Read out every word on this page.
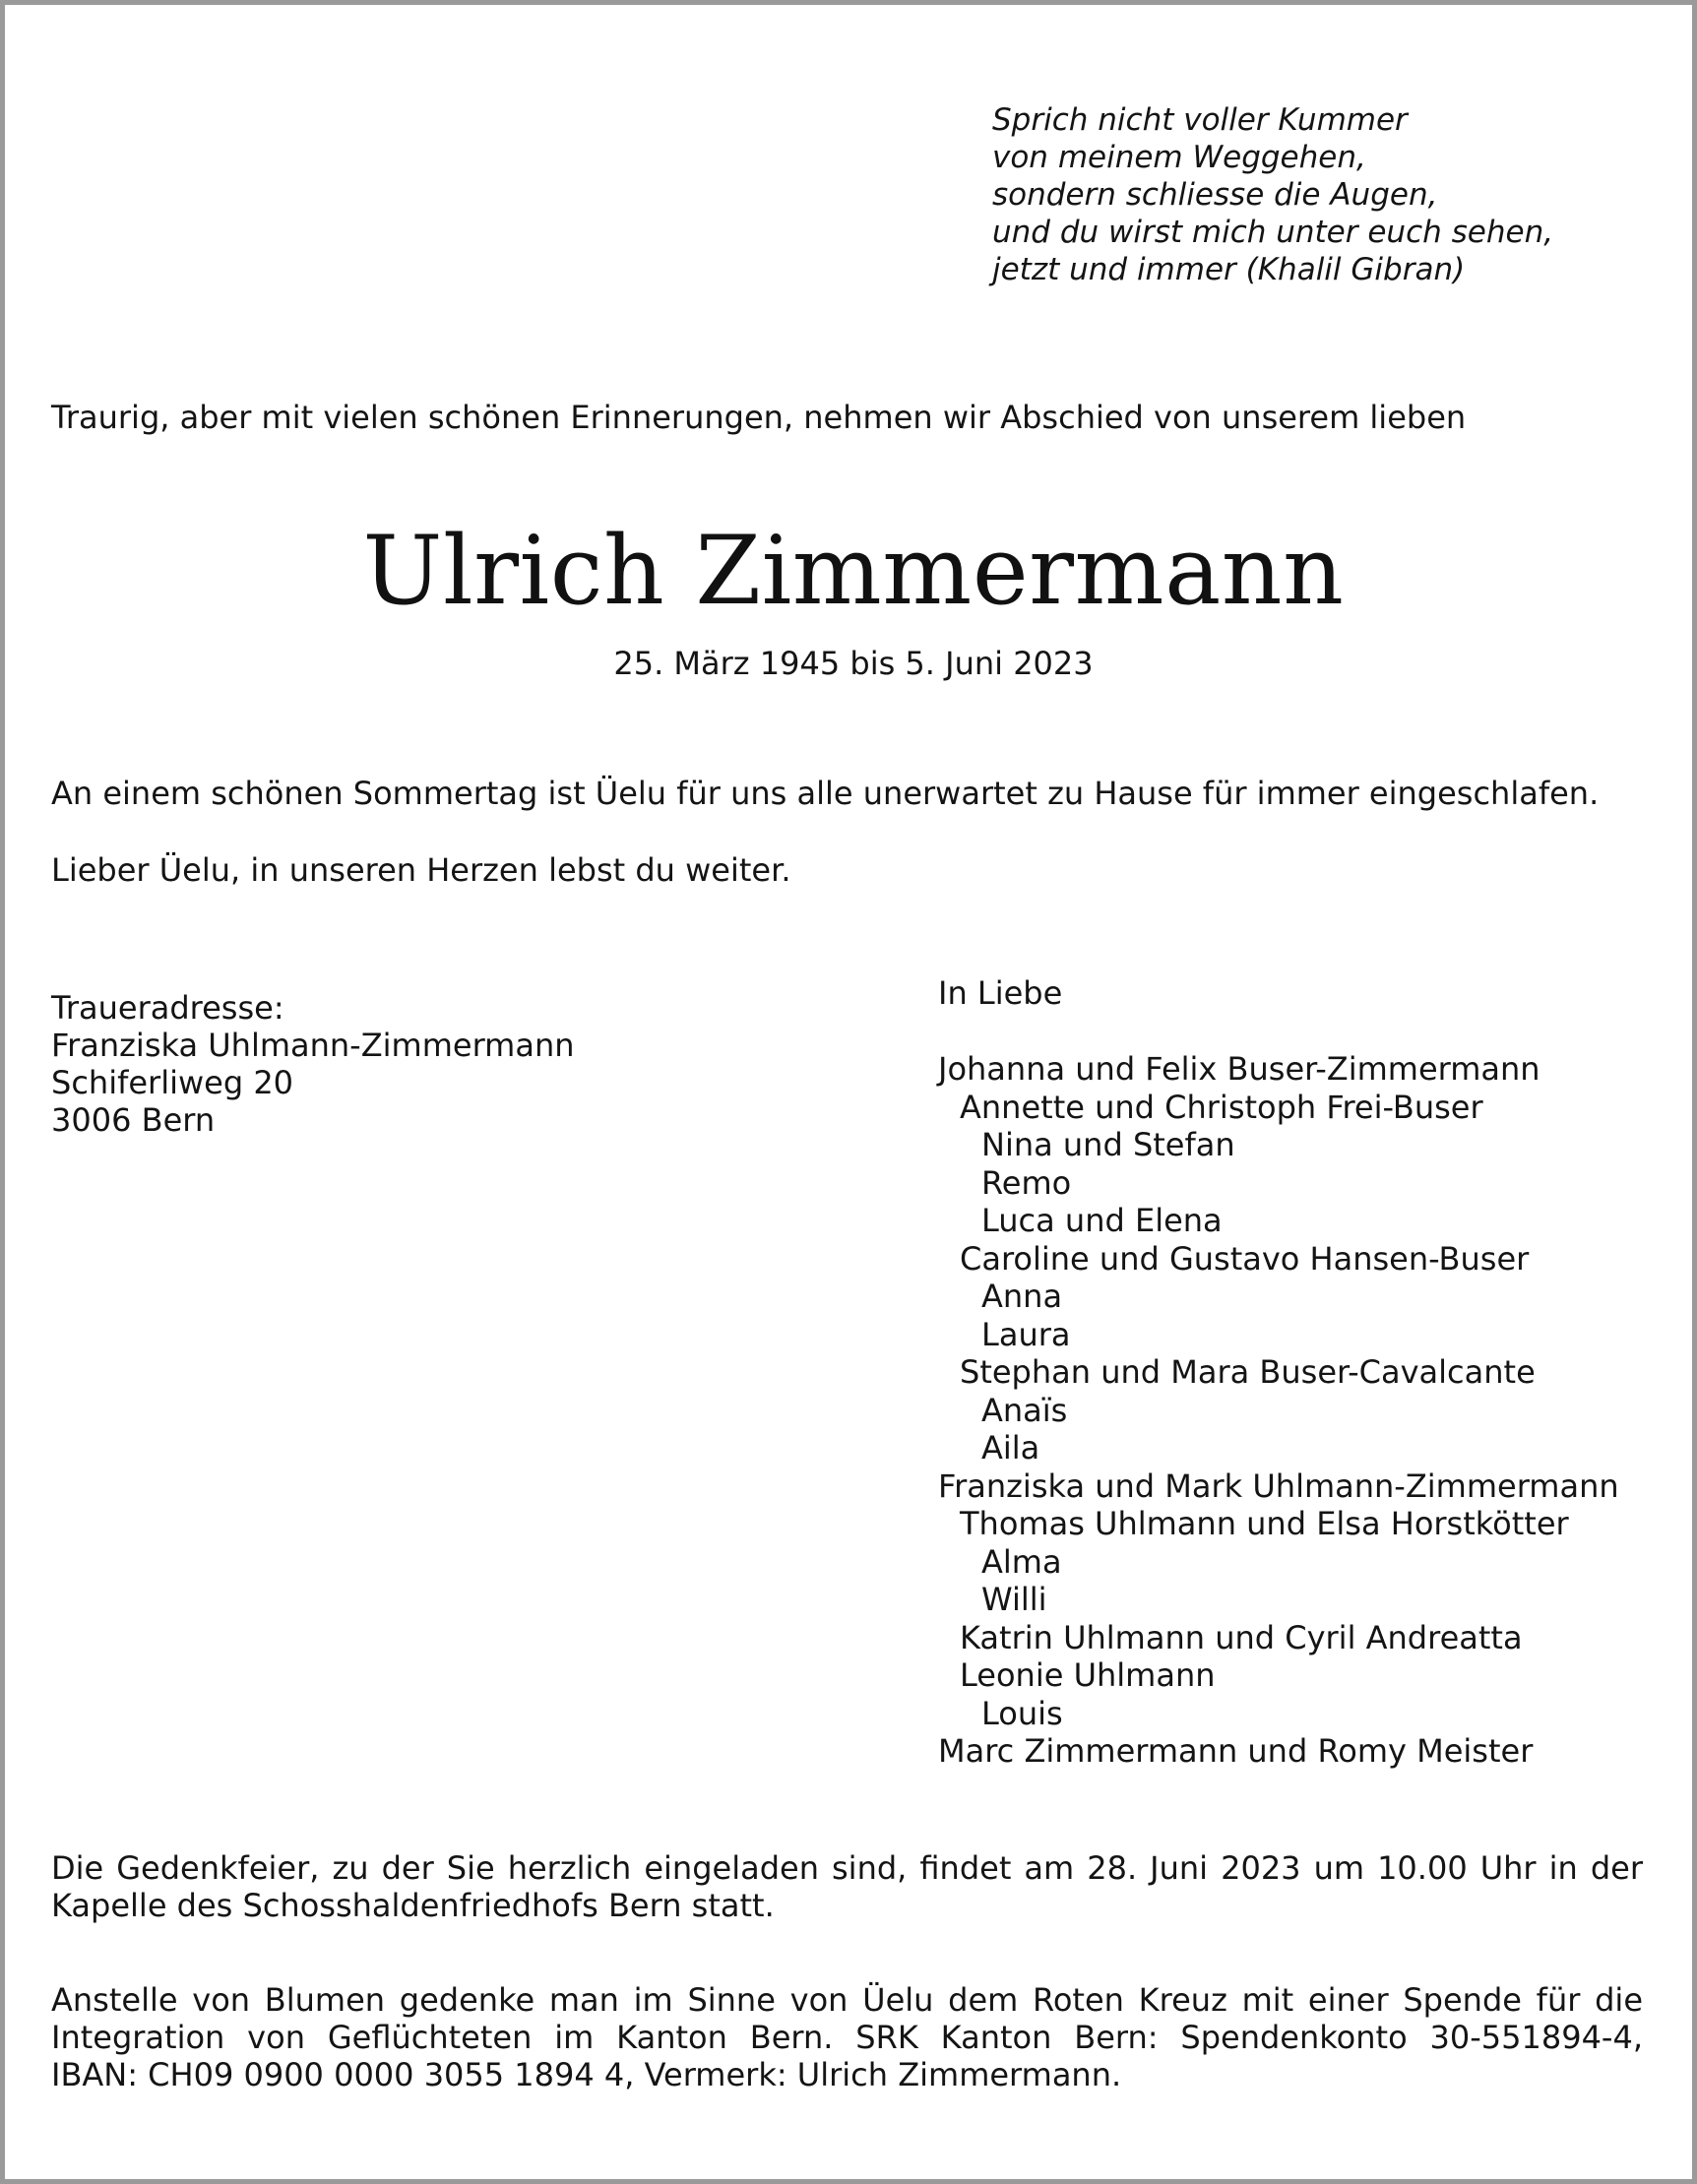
Sprich nicht voller Kummer
von meinem Weggehen,
sondern schliesse die Augen,
und du wirst mich unter euch sehen,
jetzt und immer (Khalil Gibran)
Traurig, aber mit vielen schönen Erinnerungen, nehmen wir Abschied von unserem lieben
Ulrich Zimmermann
25. März 1945 bis 5. Juni 2023
An einem schönen Sommertag ist Üelu für uns alle unerwartet zu Hause für immer eingeschlafen.
Lieber Üelu, in unseren Herzen lebst du weiter.
Traueradresse:
Franziska Uhlmann-Zimmermann
Schiferliweg 20
3006 Bern
In Liebe
Johanna und Felix Buser-Zimmermann
Annette und Christoph Frei-Buser
Nina und Stefan
Remo
Luca und Elena
Caroline und Gustavo Hansen-Buser
Anna
Laura
Stephan und Mara Buser-Cavalcante
Anaïs
Aila
Franziska und Mark Uhlmann-Zimmermann
Thomas Uhlmann und Elsa Horstkötter
Alma
Willi
Katrin Uhlmann und Cyril Andreatta
Leonie Uhlmann
Louis
Marc Zimmermann und Romy Meister
Die Gedenkfeier, zu der Sie herzlich eingeladen sind, findet am 28. Juni 2023 um 10.00 Uhr in der
Kapelle des Schosshaldenfriedhofs Bern statt.
Anstelle von Blumen gedenke man im Sinne von Üelu dem Roten Kreuz mit einer Spende für die
Integration von Geflüchteten im Kanton Bern. SRK Kanton Bern: Spendenkonto 30-551894-4,
IBAN: CH09 0900 0000 3055 1894 4, Vermerk: Ulrich Zimmermann.
